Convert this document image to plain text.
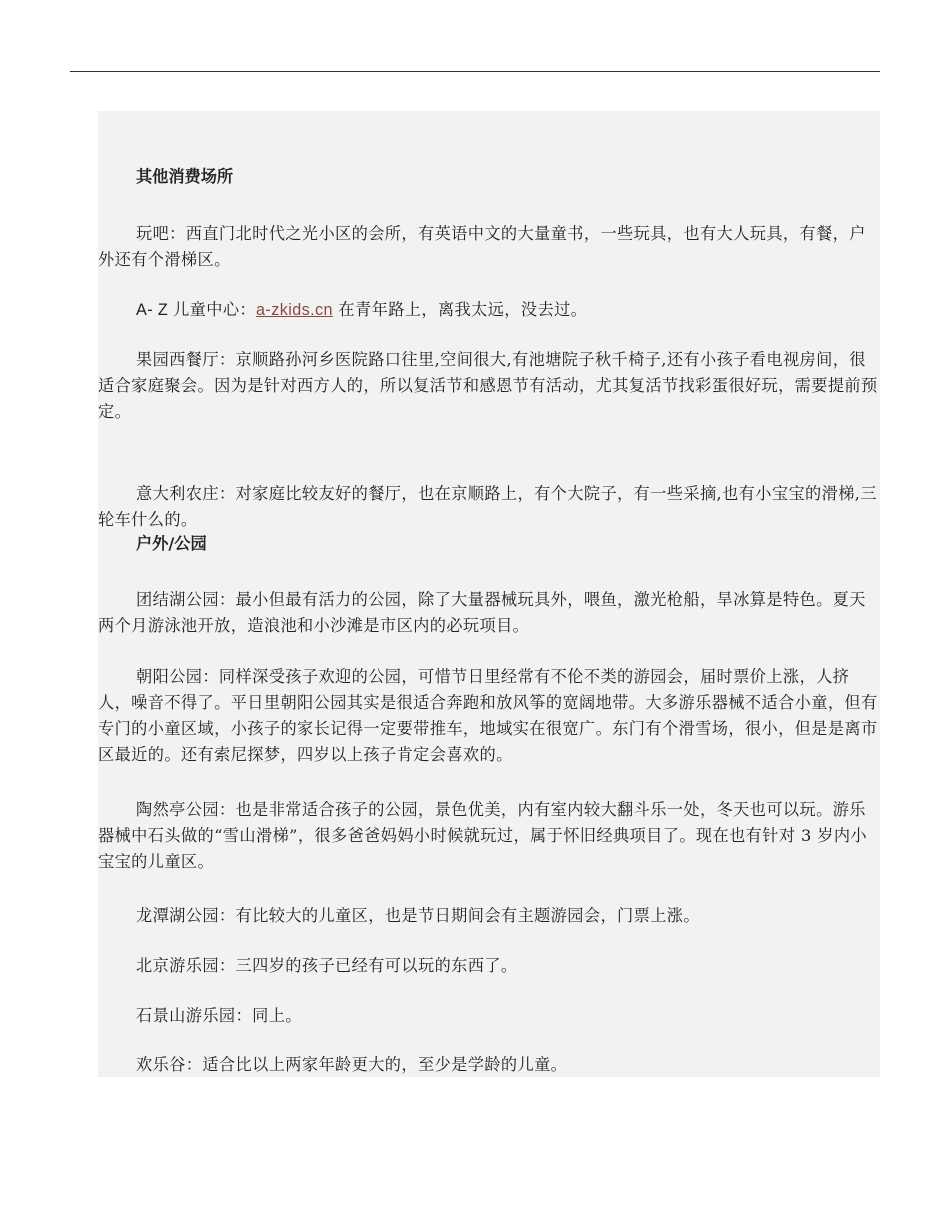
其他消费场所

玩吧：西直门北时代之光小区的会所，有英语中文的大量童书，一些玩具，也有大人玩具，有餐，户外还有个滑梯区。

A- Z 儿童中心：a-zkids.cn 在青年路上，离我太远，没去过。

果园西餐厅：京顺路孙河乡医院路口往里,空间很大,有池塘院子秋千椅子,还有小孩子看电视房间，很适合家庭聚会。因为是针对西方人的，所以复活节和感恩节有活动，尤其复活节找彩蛋很好玩，需要提前预定。

意大利农庄：对家庭比较友好的餐厅，也在京顺路上，有个大院子，有一些采摘,也有小宝宝的滑梯,三轮车什么的。

户外/公园

团结湖公园：最小但最有活力的公园，除了大量器械玩具外，喂鱼，激光枪船，旱冰算是特色。夏天两个月游泳池开放，造浪池和小沙滩是市区内的必玩项目。

朝阳公园：同样深受孩子欢迎的公园，可惜节日里经常有不伦不类的游园会，届时票价上涨，人挤人，噪音不得了。平日里朝阳公园其实是很适合奔跑和放风筝的宽阔地带。大多游乐器械不适合小童，但有专门的小童区域，小孩子的家长记得一定要带推车，地域实在很宽广。东门有个滑雪场，很小，但是是离市区最近的。还有索尼探梦，四岁以上孩子肯定会喜欢的。

陶然亭公园：也是非常适合孩子的公园，景色优美，内有室内较大翻斗乐一处，冬天也可以玩。游乐器械中石头做的“雪山滑梯”，很多爸爸妈妈小时候就玩过，属于怀旧经典项目了。现在也有针对 3 岁内小宝宝的儿童区。

龙潭湖公园：有比较大的儿童区，也是节日期间会有主题游园会，门票上涨。

北京游乐园：三四岁的孩子已经有可以玩的东西了。

石景山游乐园：同上。

欢乐谷：适合比以上两家年龄更大的，至少是学龄的儿童。
